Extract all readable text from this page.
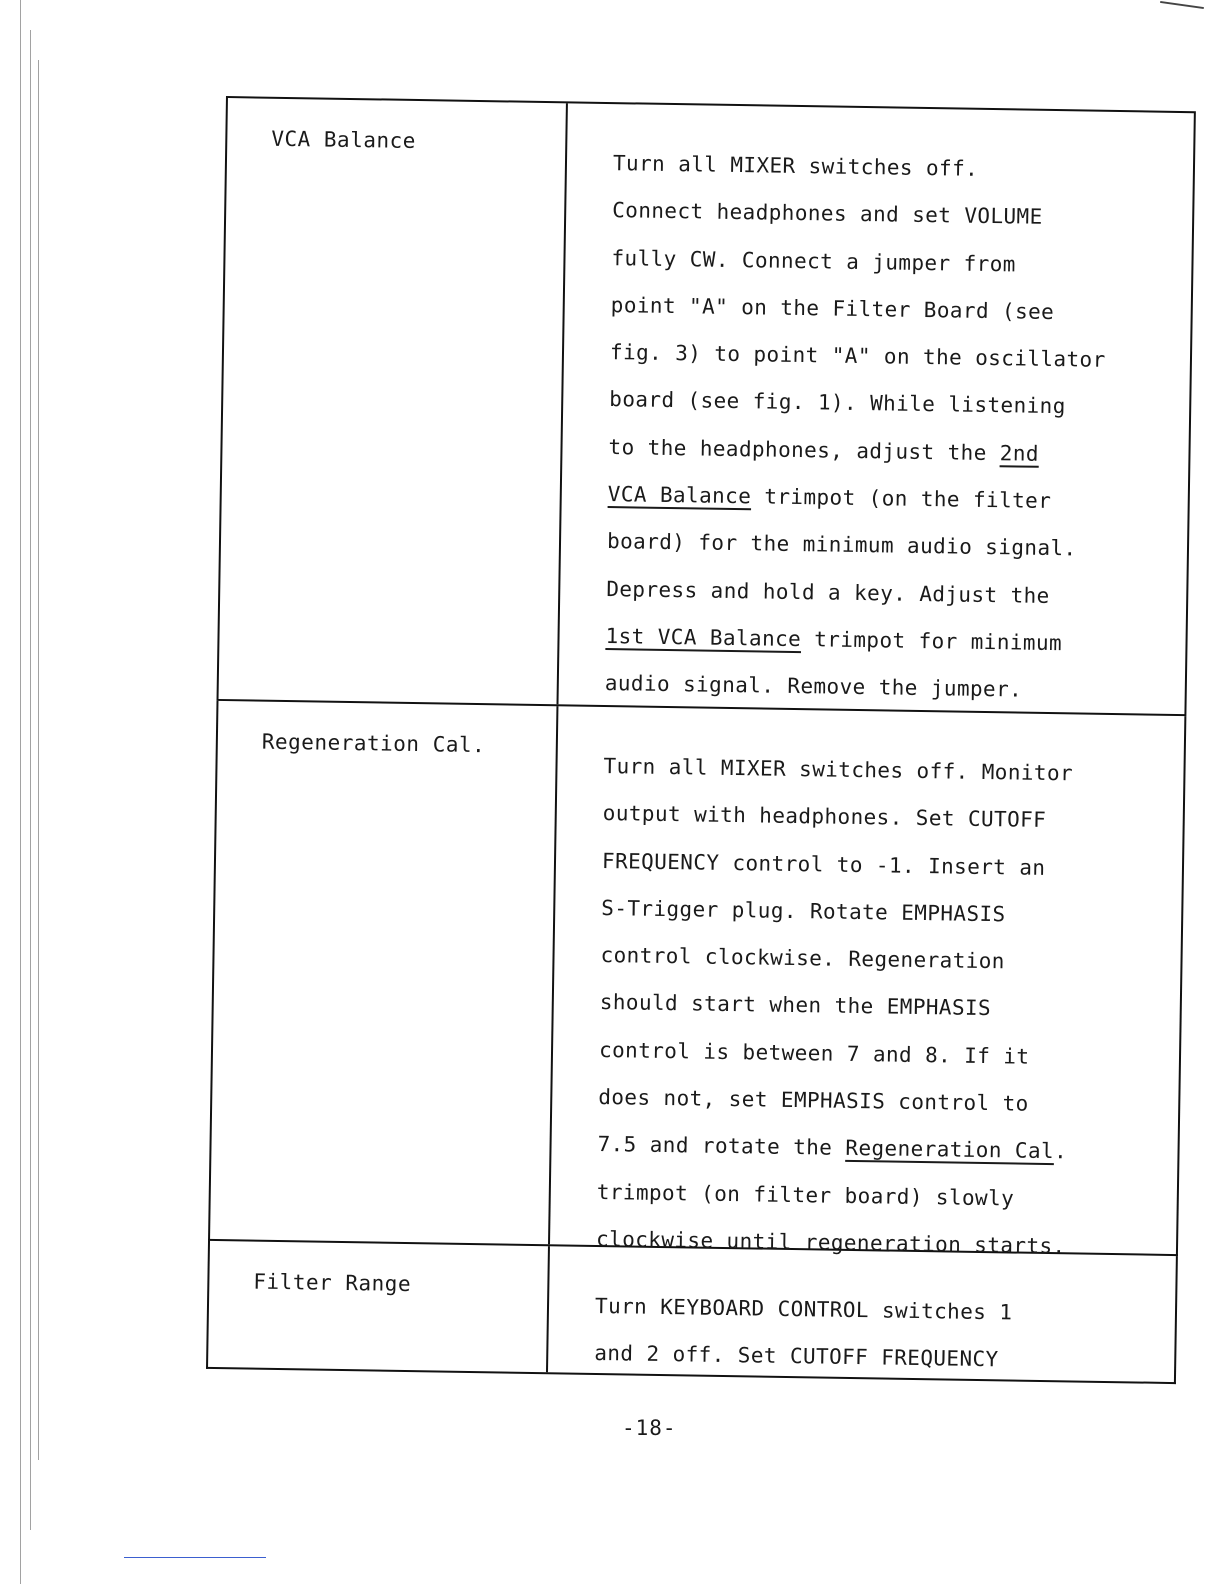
VCA Balance
Turn all MIXER switches off.
Connect headphones and set VOLUME
fully CW. Connect a jumper from
point "A" on the Filter Board (see
fig. 3) to point "A" on the oscillator
board (see fig. 1). While listening
to the headphones, adjust the 2nd
VCA Balance trimpot (on the filter
board) for the minimum audio signal.
Depress and hold a key. Adjust the
1st VCA Balance trimpot for minimum
audio signal. Remove the jumper.
Regeneration Cal.
Turn all MIXER switches off. Monitor
output with headphones. Set CUTOFF
FREQUENCY control to -1. Insert an
S-Trigger plug. Rotate EMPHASIS
control clockwise. Regeneration
should start when the EMPHASIS
control is between 7 and 8. If it
does not, set EMPHASIS control to
7.5 and rotate the Regeneration Cal.
trimpot (on filter board) slowly
clockwise until regeneration starts.
Filter Range
Turn KEYBOARD CONTROL switches 1
and 2 off. Set CUTOFF FREQUENCY
-18-
